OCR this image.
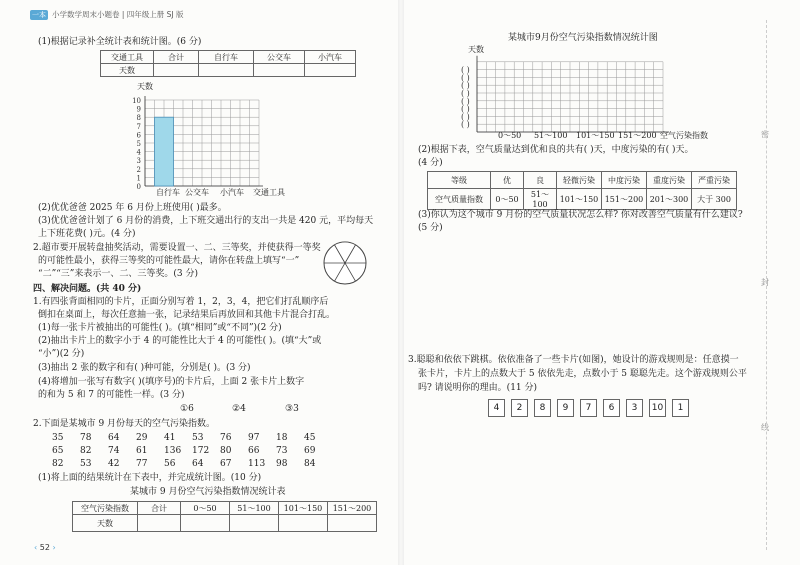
一本 小学数学周末小题卷 | 四年级上册 SJ 版
(1)根据记录补全统计表和统计图。(6 分)
交通工具	合计	自行车	公交车	小汽车
天数				
天数
0
1
2
3
4
5
6
7
8
9
10
自行车 公交车 小汽车 交通工具
(2)优优爸爸 2025 年 6 月份上班使用( )最多。
(3)优优爸爸计划了 6 月份的消费，上下班交通出行的支出一共是 420 元，平均每天
上下班花费( )元。(4 分)
2.超市要开展转盘抽奖活动，需要设置一、二、三等奖，并使获得一等奖
的可能性最小，获得三等奖的可能性最大，请你在转盘上填写“一”
“二”“三”来表示一、二、三等奖。(3 分)
四、解决问题。(共 40 分)
1.有四张背面相同的卡片，正面分别写着 1，2，3，4，把它们打乱顺序后
倒扣在桌面上，每次任意抽一张，记录结果后再放回和其他卡片混合打乱。
(1)每一张卡片被抽出的可能性( )。(填“相同”或“不同”)(2 分)
(2)抽出卡片上的数字小于 4 的可能性比大于 4 的可能性( )。(填“大”或
“小”)(2 分)
(3)抽出 2 张的数字和有( )种可能，分别是( )。(3 分)
(4)将增加一张写有数字( )(填序号)的卡片后，上面 2 张卡片上数字
的和为 5 和 7 的可能性一样。(3 分)
①6	②4	③3
2.下面是某城市 9 月份每天的空气污染指数。
35 78 64 29 41 53 76 97 18 45
65 82 74 61 136 172 80 66 73 69
82 53 42 77 56 64 67 113 98 84
(1)将上面的结果统计在下表中，并完成统计图。(10 分)
某城市 9 月份空气污染指数情况统计表
空气污染指数	合计	0～50	51～100	101～150	151～200
天数					
‹ 52 ›
某城市9月份空气污染指数情况统计图
天数
( )
( )
( )
( )
( )
( )
( )
( )
0～50 51～100 101～150 151～200 空气污染指数
(2)根据下表，空气质量达到优和良的共有( )天，中度污染的有( )天。
(4 分)
等级	优	良	轻微污染	中度污染	重度污染	严重污染
空气质量指数	0～50	51～100	101～150	151～200	201～300	大于 300
(3)你认为这个城市 9 月份的空气质量状况怎么样? 你对改善空气质量有什么建议?
(5 分)
3.聪聪和依依下跳棋。依依准备了一些卡片(如图)，她设计的游戏规则是：任意摸一
张卡片，卡片上的点数大于 5 依依先走，点数小于 5 聪聪先走。这个游戏规则公平
吗? 请说明你的理由。(11 分)
4	2	8	9	7	6	3	10	1
密
封
线
